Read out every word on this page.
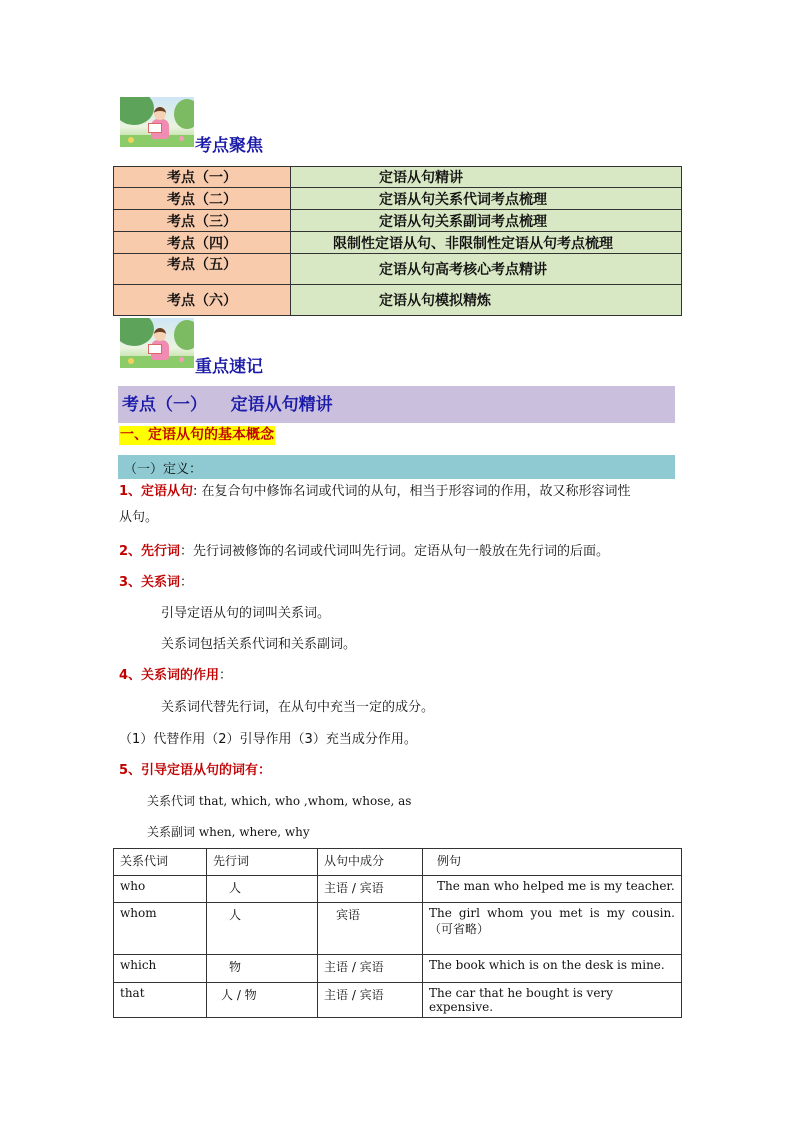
考点聚焦
考点（一）	定语从句精讲
考点（二）	定语从句关系代词考点梳理
考点（三）	定语从句关系副词考点梳理
考点（四）	限制性定语从句、非限制性定语从句考点梳理
考点（五）	定语从句高考核心考点精讲
考点（六）	定语从句模拟精炼
重点速记
考点（一）    定语从句精讲
一、定语从句的基本概念
（一）定义：
1、定语从句: 在复合句中修饰名词或代词的从句，相当于形容词的作用，故又称形容词性
从句。
2、先行词：先行词被修饰的名词或代词叫先行词。定语从句一般放在先行词的后面。
3、关系词：
引导定语从句的词叫关系词。
关系词包括关系代词和关系副词。
4、关系词的作用：
关系词代替先行词，在从句中充当一定的成分。
（1）代替作用（2）引导作用（3）充当成分作用。
5、引导定语从句的词有：
关系代词 that, which, who ,whom, whose, as
关系副词 when, where, why
关系代词	先行词	从句中成分	例句
who	人	主语 / 宾语	The man who helped me is my teacher.
whom	人	宾语	The girl whom you met is my cousin.
（可省略）

which	物	主语 / 宾语	The book which is on the desk is mine.
that	人 / 物	主语 / 宾语	The car that he bought is very expensive.
